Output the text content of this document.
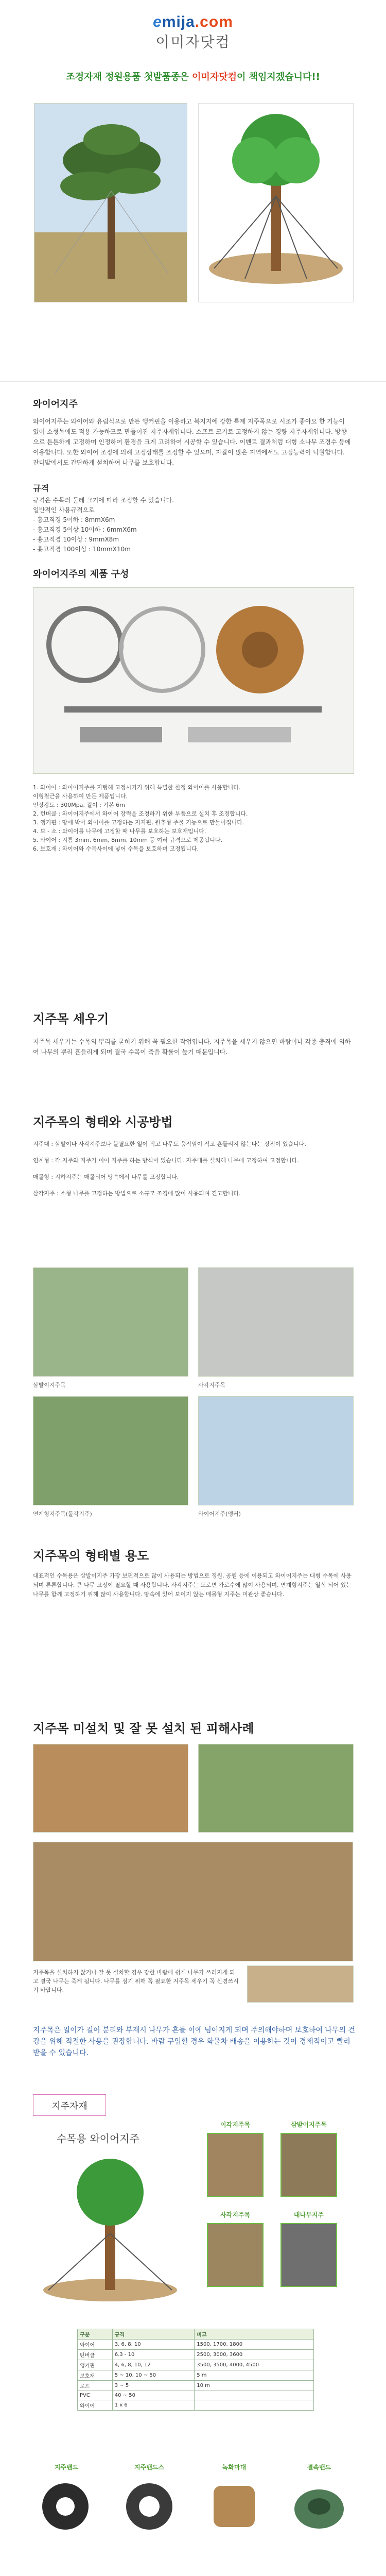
emija.com
이미자닷컴
조경자재 정원용품 첫발품종은 이미자닷컴이 책임지겠습니다!!
와이어지주
와이어지주는 와이어와 유럽식으로 만든 앵커핀을 이용하고 복지지에 강한 특제 지주목으로 시조가 좋아요 한 기능이 있어 소형목에도 적용 가능하므로 만들어진 지주자재입니다. 소프트 크기로 고정하지 않는 경량 지주자재입니다. 방향으로 튼튼하게 고정하며 인정하여 환경을 크게 고려하여 시공할 수 있습니다. 이벤트 결과처럼 대형 소나무 조경수 등에 이용합니다. 또한 와이어 조정에 의해 고정상태를 조정할 수 있으며, 자갈이 많은 지역에서도 고정능력이 탁월합니다. 잔디밭에서도 간단하게 설치하여 나무를 보호합니다.
규격
규격은 수목의 둘레 크기에 따라 조정할 수 있습니다.
일반적인 사용규격으로
- 흉고직경 5이하 : 8mmX6m
- 흉고직경 5이상 10이하 : 6mmX6m
- 흉고직경 10이상 : 9mmX8m
- 흉고직경 100이상 : 10mmX10m
와이어지주의 제품 구성
1. 와이어 : 와이어지주를 지탱해 고정시키기 위해 특별한 한정 와이어를 사용합니다.
이형철근을 사용하여 만든 제품입니다.
인장강도 : 300Mpa, 길이 : 기본 6m
2. 턴버클 : 와이어지주에서 와이어 장력을 조정하기 위한 부품으로 설치 후 조정합니다.
3. 앵커핀 : 땅에 박아 와이어를 고정하는 지지핀, 원추형 주물 기능으로 만들어집니다.
4. 보 - 소 : 와이어를 나무에 고정할 때 나무를 보호하는 보호재입니다.
5. 와이어 : 지름 3mm, 6mm, 8mm, 10mm 등 여러 규격으로 제공됩니다.
6. 보호재 : 와이어와 수목사이에 넣어 수목을 보호하며 고정됩니다.
지주목 세우기
지주목 세우기는 수목의 뿌리를 굳히기 위해 꼭 필요한 작업입니다. 지주목을 세우지 않으면 바람이나 각종 충격에 의하여 나무의 뿌리 흔들리게 되며 결국 수목이 죽을 확률이 높기 때문입니다.
지주목의 형태와 시공방법
지주대 : 삼발이나 사각지주보다 불필요한 일이 적고 나무도 움직임이 적고 흔들리지 않는다는 장점이 있습니다.
연계형 : 각 지주와 지주가 이어 지주를 하는 방식이 있습니다. 지주대를 설치해 나무에 고정하여 고정합니다.
매몰형 : 지하지주는 매몰되어 땅속에서 나무를 고정합니다.
삼각지주 : 소형 나무를 고정하는 방법으로 소규모 조경에 많이 사용되며 견고합니다.
삼발이지주목	사각지주목
연계형지주목(돌각지주)	와이어지주(앵커)
지주목의 형태별 용도
대표적인 수목용은 삼발이지주 가장 보편적으로 많이 사용되는 방법으로 정원, 공원 등에 이용되고 와이어지주는 대형 수목에 사용되며 튼튼합니다. 큰 나무 고정이 필요할 때 사용합니다. 사각지주는 도로변 가로수에 많이 사용되며, 연계형지주는 열식 되어 있는 나무를 함께 고정하기 위해 많이 사용합니다. 땅속에 있어 보이지 않는 매몰형 지주는 미관상 좋습니다.
지주목 미설치 및 잘 못 설치 된 피해사례
지주목을 설치하지 않거나 잘 못 설치할 경우 강한 바람에 쉽게 나무가 쓰러지게 되고 결국 나무는 죽게 됩니다. 나무를 심기 위해 꼭 필요한 지주목 세우기 꼭 신경쓰시기 바랍니다.
지주목은 일이가 길어 분리와 부재시 나무가 흔들 이에 넘어지게 되며 주의해야하며 보호하여 나무의 건강을 위해 적절한 사용을 권장합니다. 바람 구입할 경우 화물차 배송을 이용하는 것이 경제적이고 빨리 받을 수 있습니다.
지주자재
수목용 와이어지주
이각지주목	삼발이지주목
사각지주목	대나무지주
구분	규격	비고
와이어	3, 6, 8, 10	1500, 1700, 1800
턴버클	6.3 - 10	2500, 3000, 3600
앵커핀	4, 6, 8, 10, 12	3500, 3500, 4000, 4500
보호재	5 ~ 10, 10 ~ 50	5 m
로프	3 ~ 5	10 m
PVC	40 ~ 50	
와이어	1 x 6	
지주밴드	지주밴드스	녹화마대	결속밴드
